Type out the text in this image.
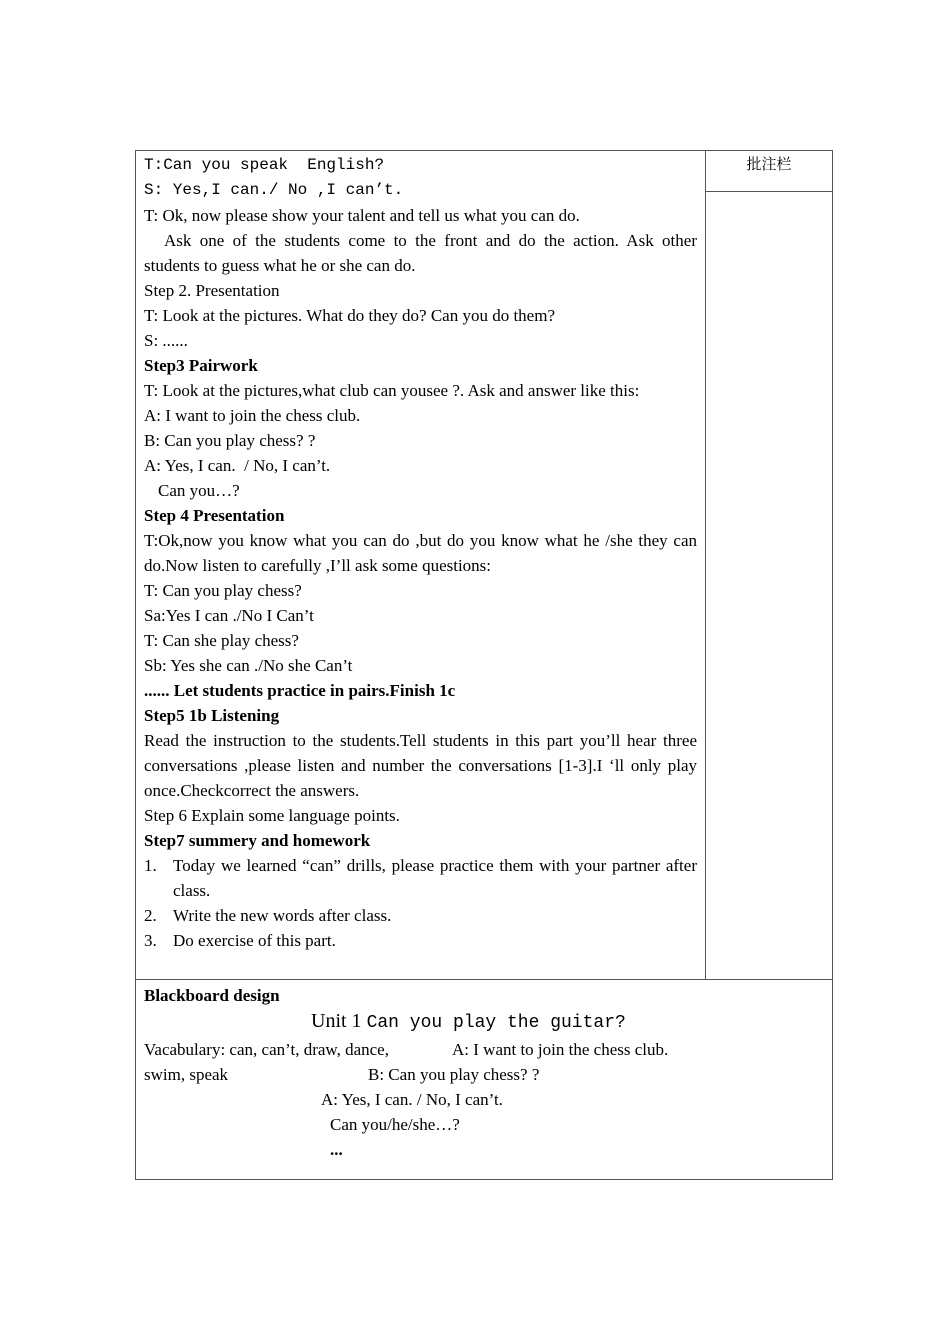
T:Can you speak  English?

S: Yes,I can./ No ,I can’t.

T: Ok, now please show your talent and tell us what you can do.

Ask one of the students come to the front and do the action. Ask other students to guess what he or she can do.

Step 2. Presentation

T: Look at the pictures. What do they do? Can you do them?

S: ......

Step3 Pairwork

T: Look at the pictures,what club can yousee ?. Ask and answer like this:

A: I want to join the chess club.

B: Can you play chess? ?

A: Yes, I can.  / No, I can’t.

Can you…?

Step 4 Presentation

T:Ok,now you know what you can do ,but do you know what he /she they can do.Now listen to carefully ,I’ll ask some questions:

T: Can you play chess?

Sa:Yes I can ./No I Can’t

T: Can she play chess?

Sb: Yes she can ./No she Can’t

...... Let students practice in pairs.Finish 1c

Step5 1b Listening

Read the instruction to the students.Tell students in this part you’ll hear three conversations ,please listen and number the conversations [1-3].I ‘ll only play once.Checkcorrect the answers.

Step 6 Explain some language points.

Step7 summery and homework

1. Today we learned “can” drills, please practice them with your partner after class.
2. Write the new words after class.
3. Do exercise of this part.

批注栏

Blackboard design

Unit 1 Can you play the guitar?
Vacabulary: can, can’t, draw, dance,	A: I want to join the chess club.
swim, speak	B: Can you play chess? ?
A: Yes, I can. / No, I can’t.
Can you/he/she…?
...
